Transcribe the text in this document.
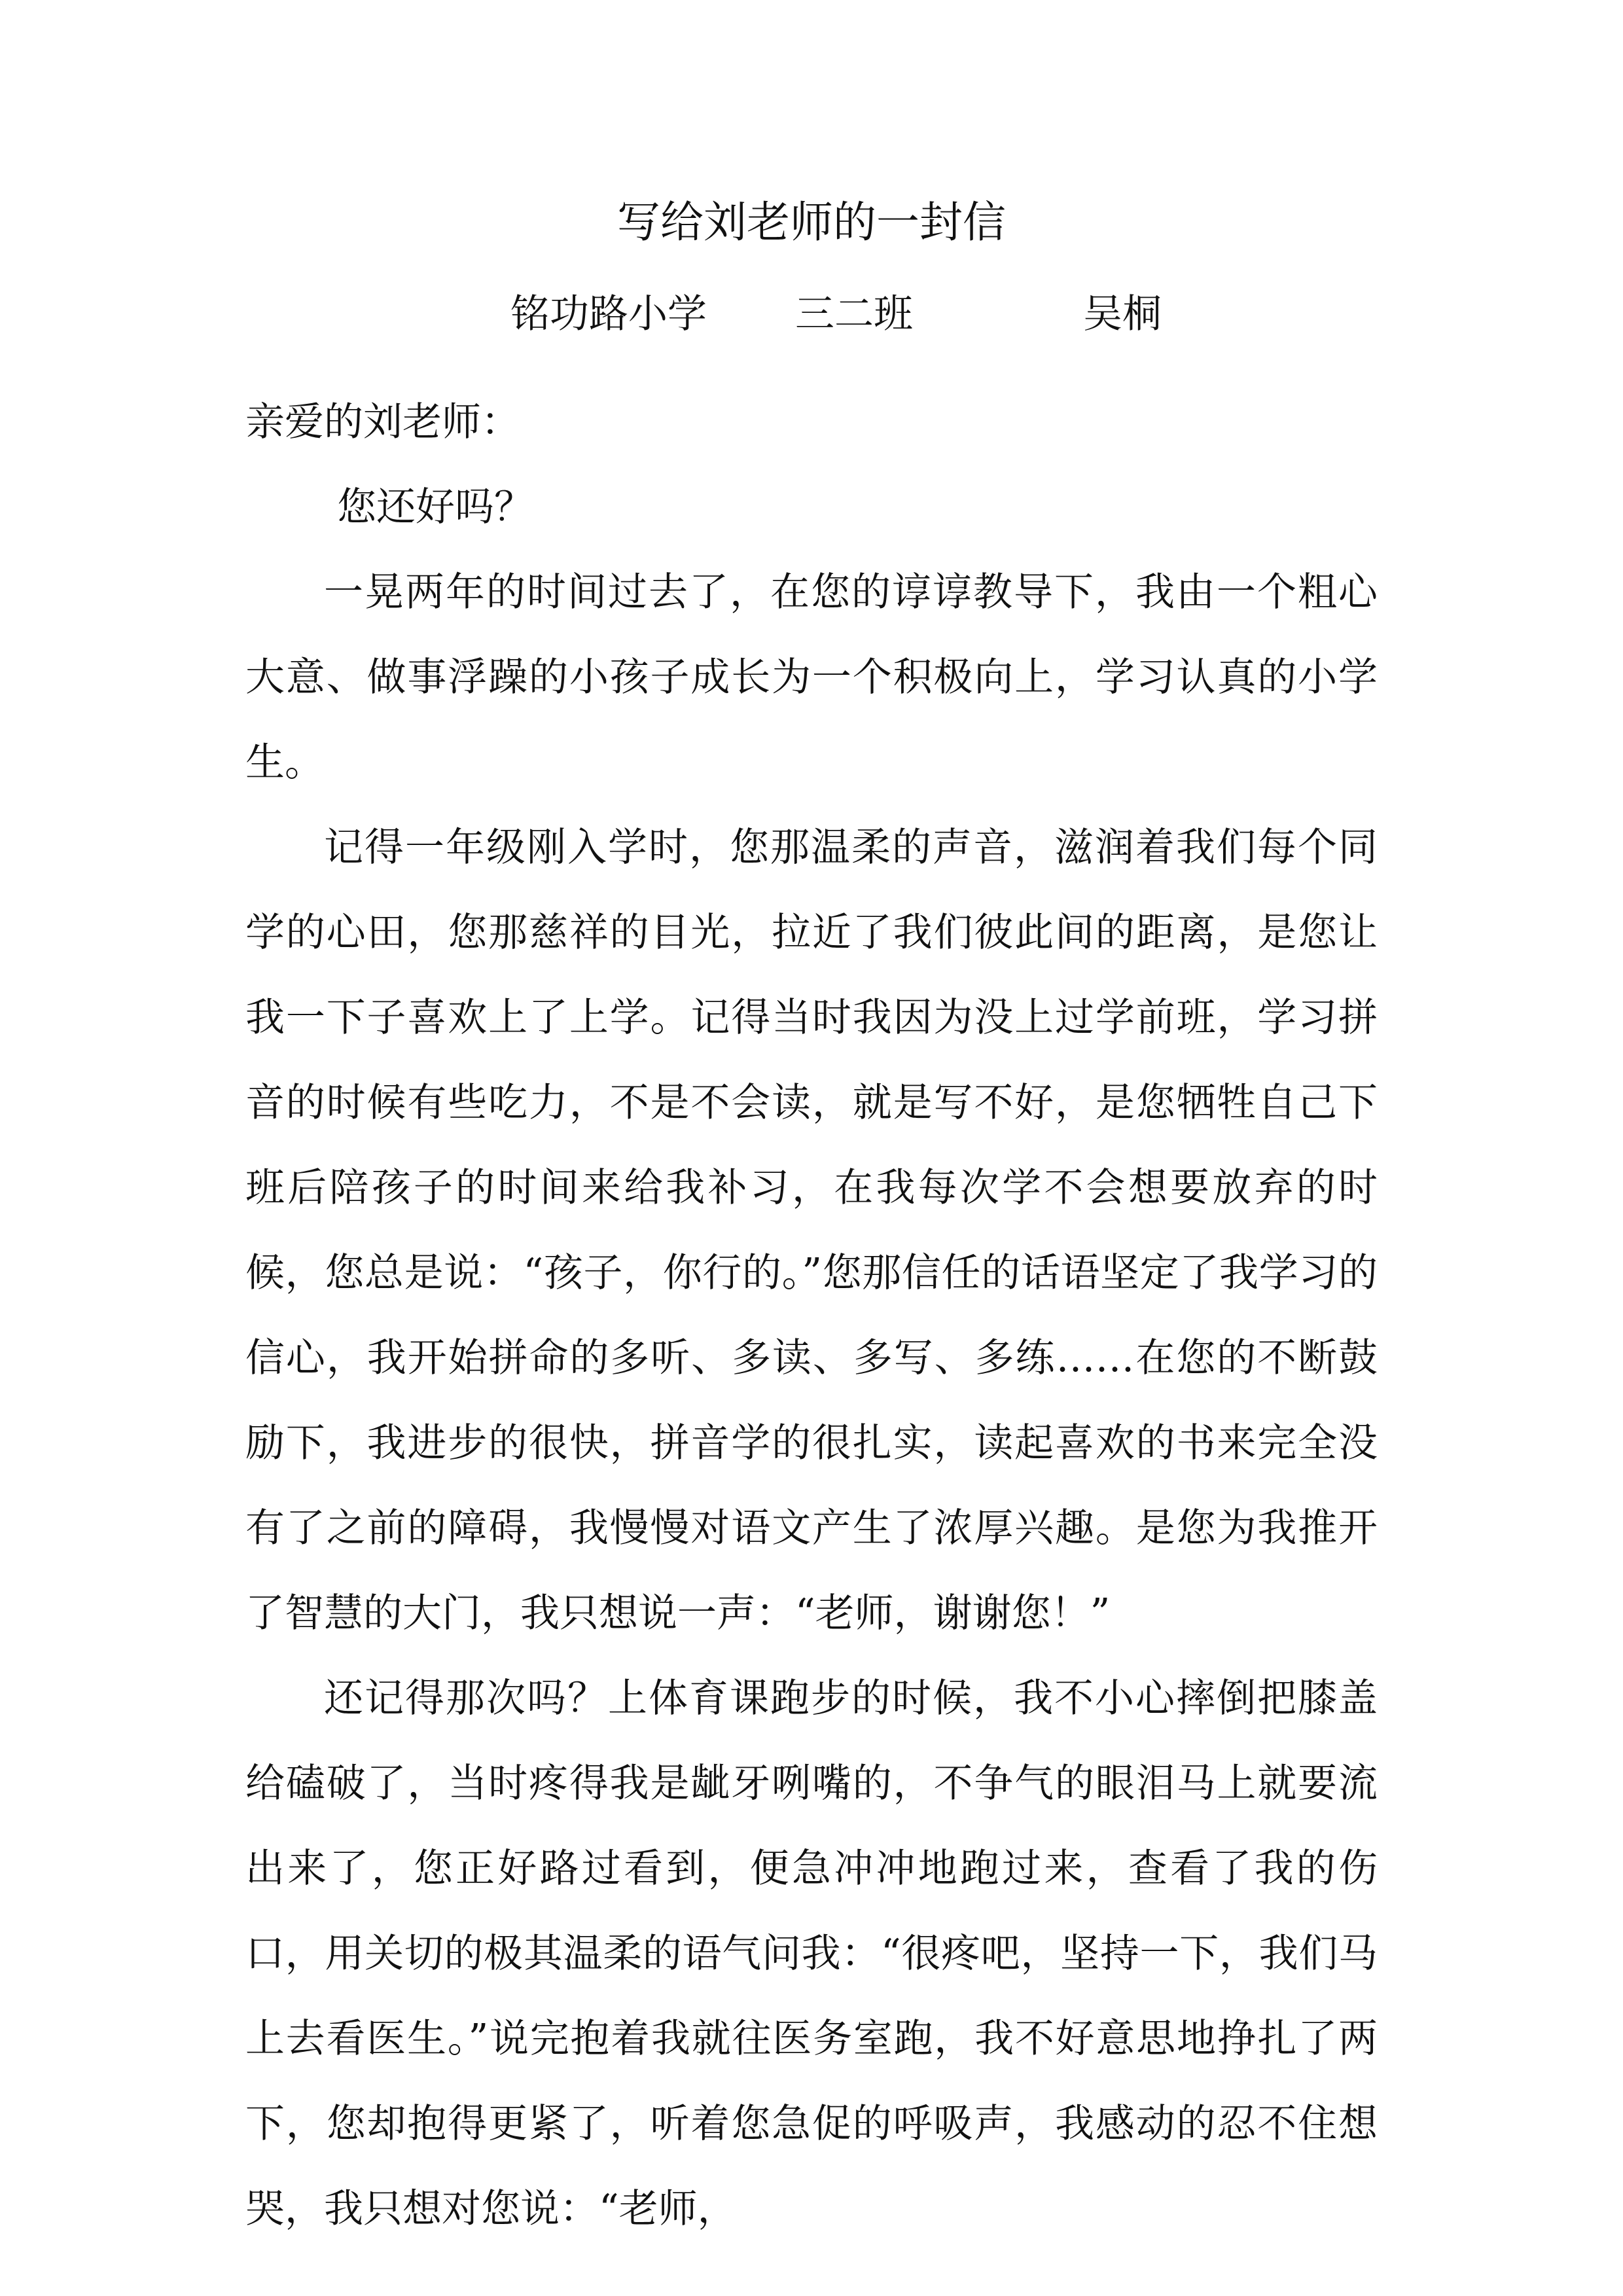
写给刘老师的一封信
铭功路小学 三二班	吴桐

亲爱的刘老师：

您还好吗？

一晃两年的时间过去了，在您的谆谆教导下，我由一个粗心大意、做事浮躁的小孩子成长为一个积极向上，学习认真的小学生。

记得一年级刚入学时，您那温柔的声音，滋润着我们每个同学的心田，您那慈祥的目光，拉近了我们彼此间的距离，是您让我一下子喜欢上了上学。记得当时我因为没上过学前班，学习拼音的时候有些吃力，不是不会读，就是写不好，是您牺牲自己下班后陪孩子的时间来给我补习，在我每次学不会想要放弃的时候，您总是说：“孩子，你行的。”您那信任的话语坚定了我学习的信心，我开始拼命的多听、多读、多写、多练……在您的不断鼓励下，我进步的很快，拼音学的很扎实，读起喜欢的书来完全没有了之前的障碍，我慢慢对语文产生了浓厚兴趣。是您为我推开了智慧的大门，我只想说一声：“老师，谢谢您！”

还记得那次吗？上体育课跑步的时候，我不小心摔倒把膝盖给磕破了，当时疼得我是龇牙咧嘴的，不争气的眼泪马上就要流出来了，您正好路过看到，便急冲冲地跑过来，查看了我的伤口，用关切的极其温柔的语气问我：“很疼吧，坚持一下，我们马上去看医生。”说完抱着我就往医务室跑，我不好意思地挣扎了两下，您却抱得更紧了，听着您急促的呼吸声，我感动的忍不住想哭，我只想对您说：“老师，
